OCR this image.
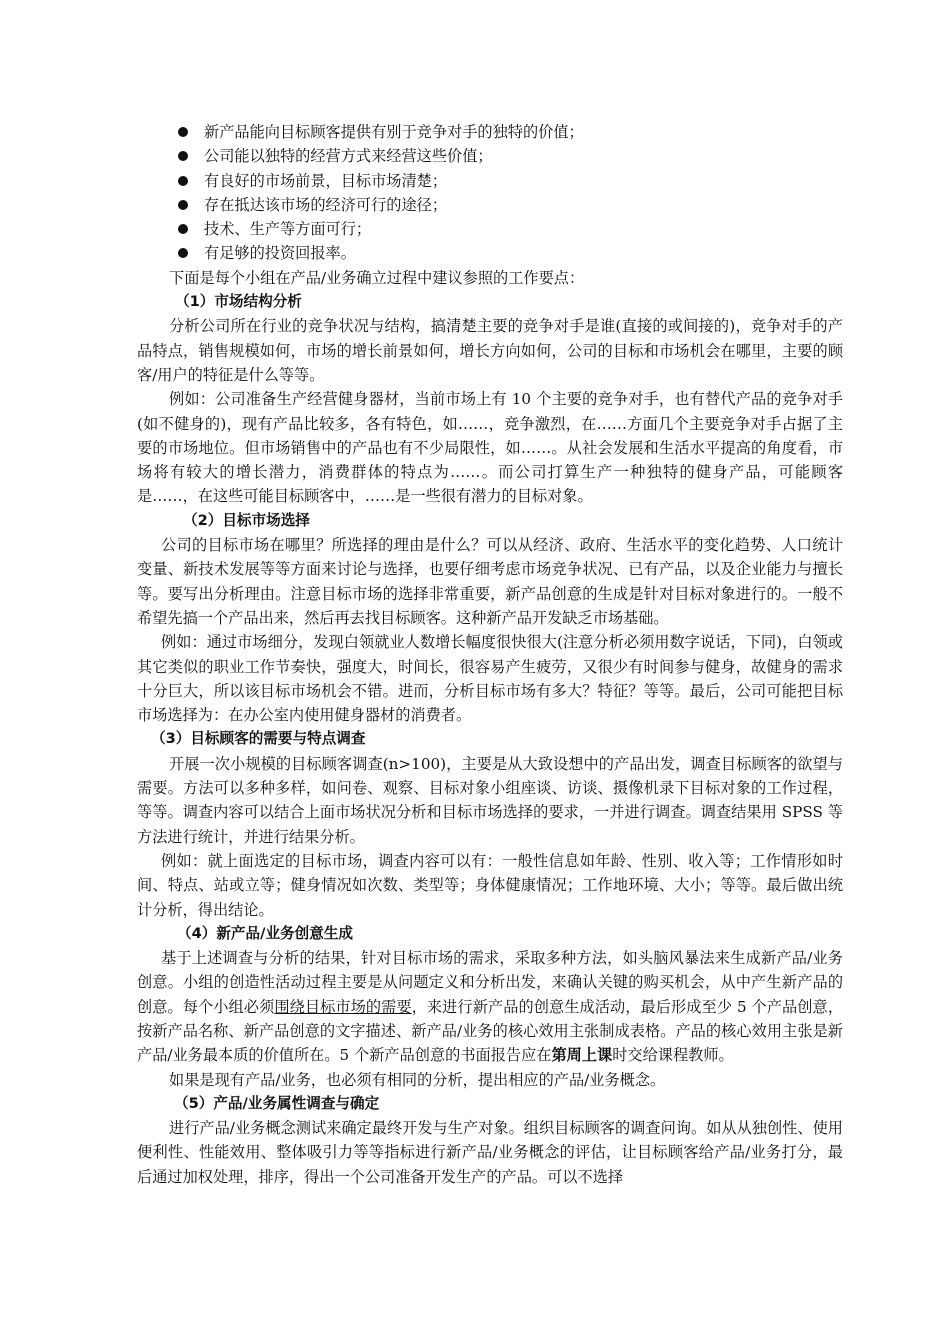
新产品能向目标顾客提供有别于竞争对手的独特的价值；
公司能以独特的经营方式来经营这些价值；
有良好的市场前景，目标市场清楚；
存在抵达该市场的经济可行的途径；
技术、生产等方面可行；
有足够的投资回报率。
下面是每个小组在产品/业务确立过程中建议参照的工作要点：
（1）市场结构分析
分析公司所在行业的竞争状况与结构，搞清楚主要的竞争对手是谁(直接的或间接的)，竞争对手的产品特点，销售规模如何，市场的增长前景如何，增长方向如何，公司的目标和市场机会在哪里，主要的顾客/用户的特征是什么等等。
例如：公司准备生产经营健身器材，当前市场上有 10 个主要的竞争对手，也有替代产品的竞争对手(如不健身的)，现有产品比较多，各有特色，如……，竞争激烈，在……方面几个主要竞争对手占据了主要的市场地位。但市场销售中的产品也有不少局限性，如……。从社会发展和生活水平提高的角度看，市场将有较大的增长潜力，消费群体的特点为……。而公司打算生产一种独特的健身产品，可能顾客是……，在这些可能目标顾客中，……是一些很有潜力的目标对象。
（2）目标市场选择
公司的目标市场在哪里？所选择的理由是什么？可以从经济、政府、生活水平的变化趋势、人口统计变量、新技术发展等等方面来讨论与选择，也要仔细考虑市场竞争状况、已有产品，以及企业能力与擅长等。要写出分析理由。注意目标市场的选择非常重要，新产品创意的生成是针对目标对象进行的。一般不希望先搞一个产品出来，然后再去找目标顾客。这种新产品开发缺乏市场基础。
例如：通过市场细分，发现白领就业人数增长幅度很快很大(注意分析必须用数字说话，下同)，白领或其它类似的职业工作节奏快，强度大，时间长，很容易产生疲劳，又很少有时间参与健身，故健身的需求十分巨大，所以该目标市场机会不错。进而，分析目标市场有多大？特征？等等。最后，公司可能把目标市场选择为：在办公室内使用健身器材的消费者。
（3）目标顾客的需要与特点调查
开展一次小规模的目标顾客调查(n>100)，主要是从大致设想中的产品出发，调查目标顾客的欲望与需要。方法可以多种多样，如问卷、观察、目标对象小组座谈、访谈、摄像机录下目标对象的工作过程，等等。调查内容可以结合上面市场状况分析和目标市场选择的要求，一并进行调查。调查结果用 SPSS 等方法进行统计，并进行结果分析。
例如：就上面选定的目标市场，调查内容可以有：一般性信息如年龄、性别、收入等；工作情形如时间、特点、站或立等；健身情况如次数、类型等；身体健康情况；工作地环境、大小；等等。最后做出统计分析，得出结论。
（4）新产品/业务创意生成
基于上述调查与分析的结果，针对目标市场的需求，采取多种方法，如头脑风暴法来生成新产品/业务创意。小组的创造性活动过程主要是从问题定义和分析出发，来确认关键的购买机会，从中产生新产品的创意。每个小组必须围绕目标市场的需要，来进行新产品的创意生成活动，最后形成至少 5 个产品创意，按新产品名称、新产品创意的文字描述、新产品/业务的核心效用主张制成表格。产品的核心效用主张是新产品/业务最本质的价值所在。5 个新产品创意的书面报告应在第周上课时交给课程教师。
如果是现有产品/业务，也必须有相同的分析，提出相应的产品/业务概念。
（5）产品/业务属性调查与确定
进行产品/业务概念测试来确定最终开发与生产对象。组织目标顾客的调查问询。如从从独创性、使用便利性、性能效用、整体吸引力等等指标进行新产品/业务概念的评估，让目标顾客给产品/业务打分，最后通过加权处理，排序，得出一个公司准备开发生产的产品。可以不选择
